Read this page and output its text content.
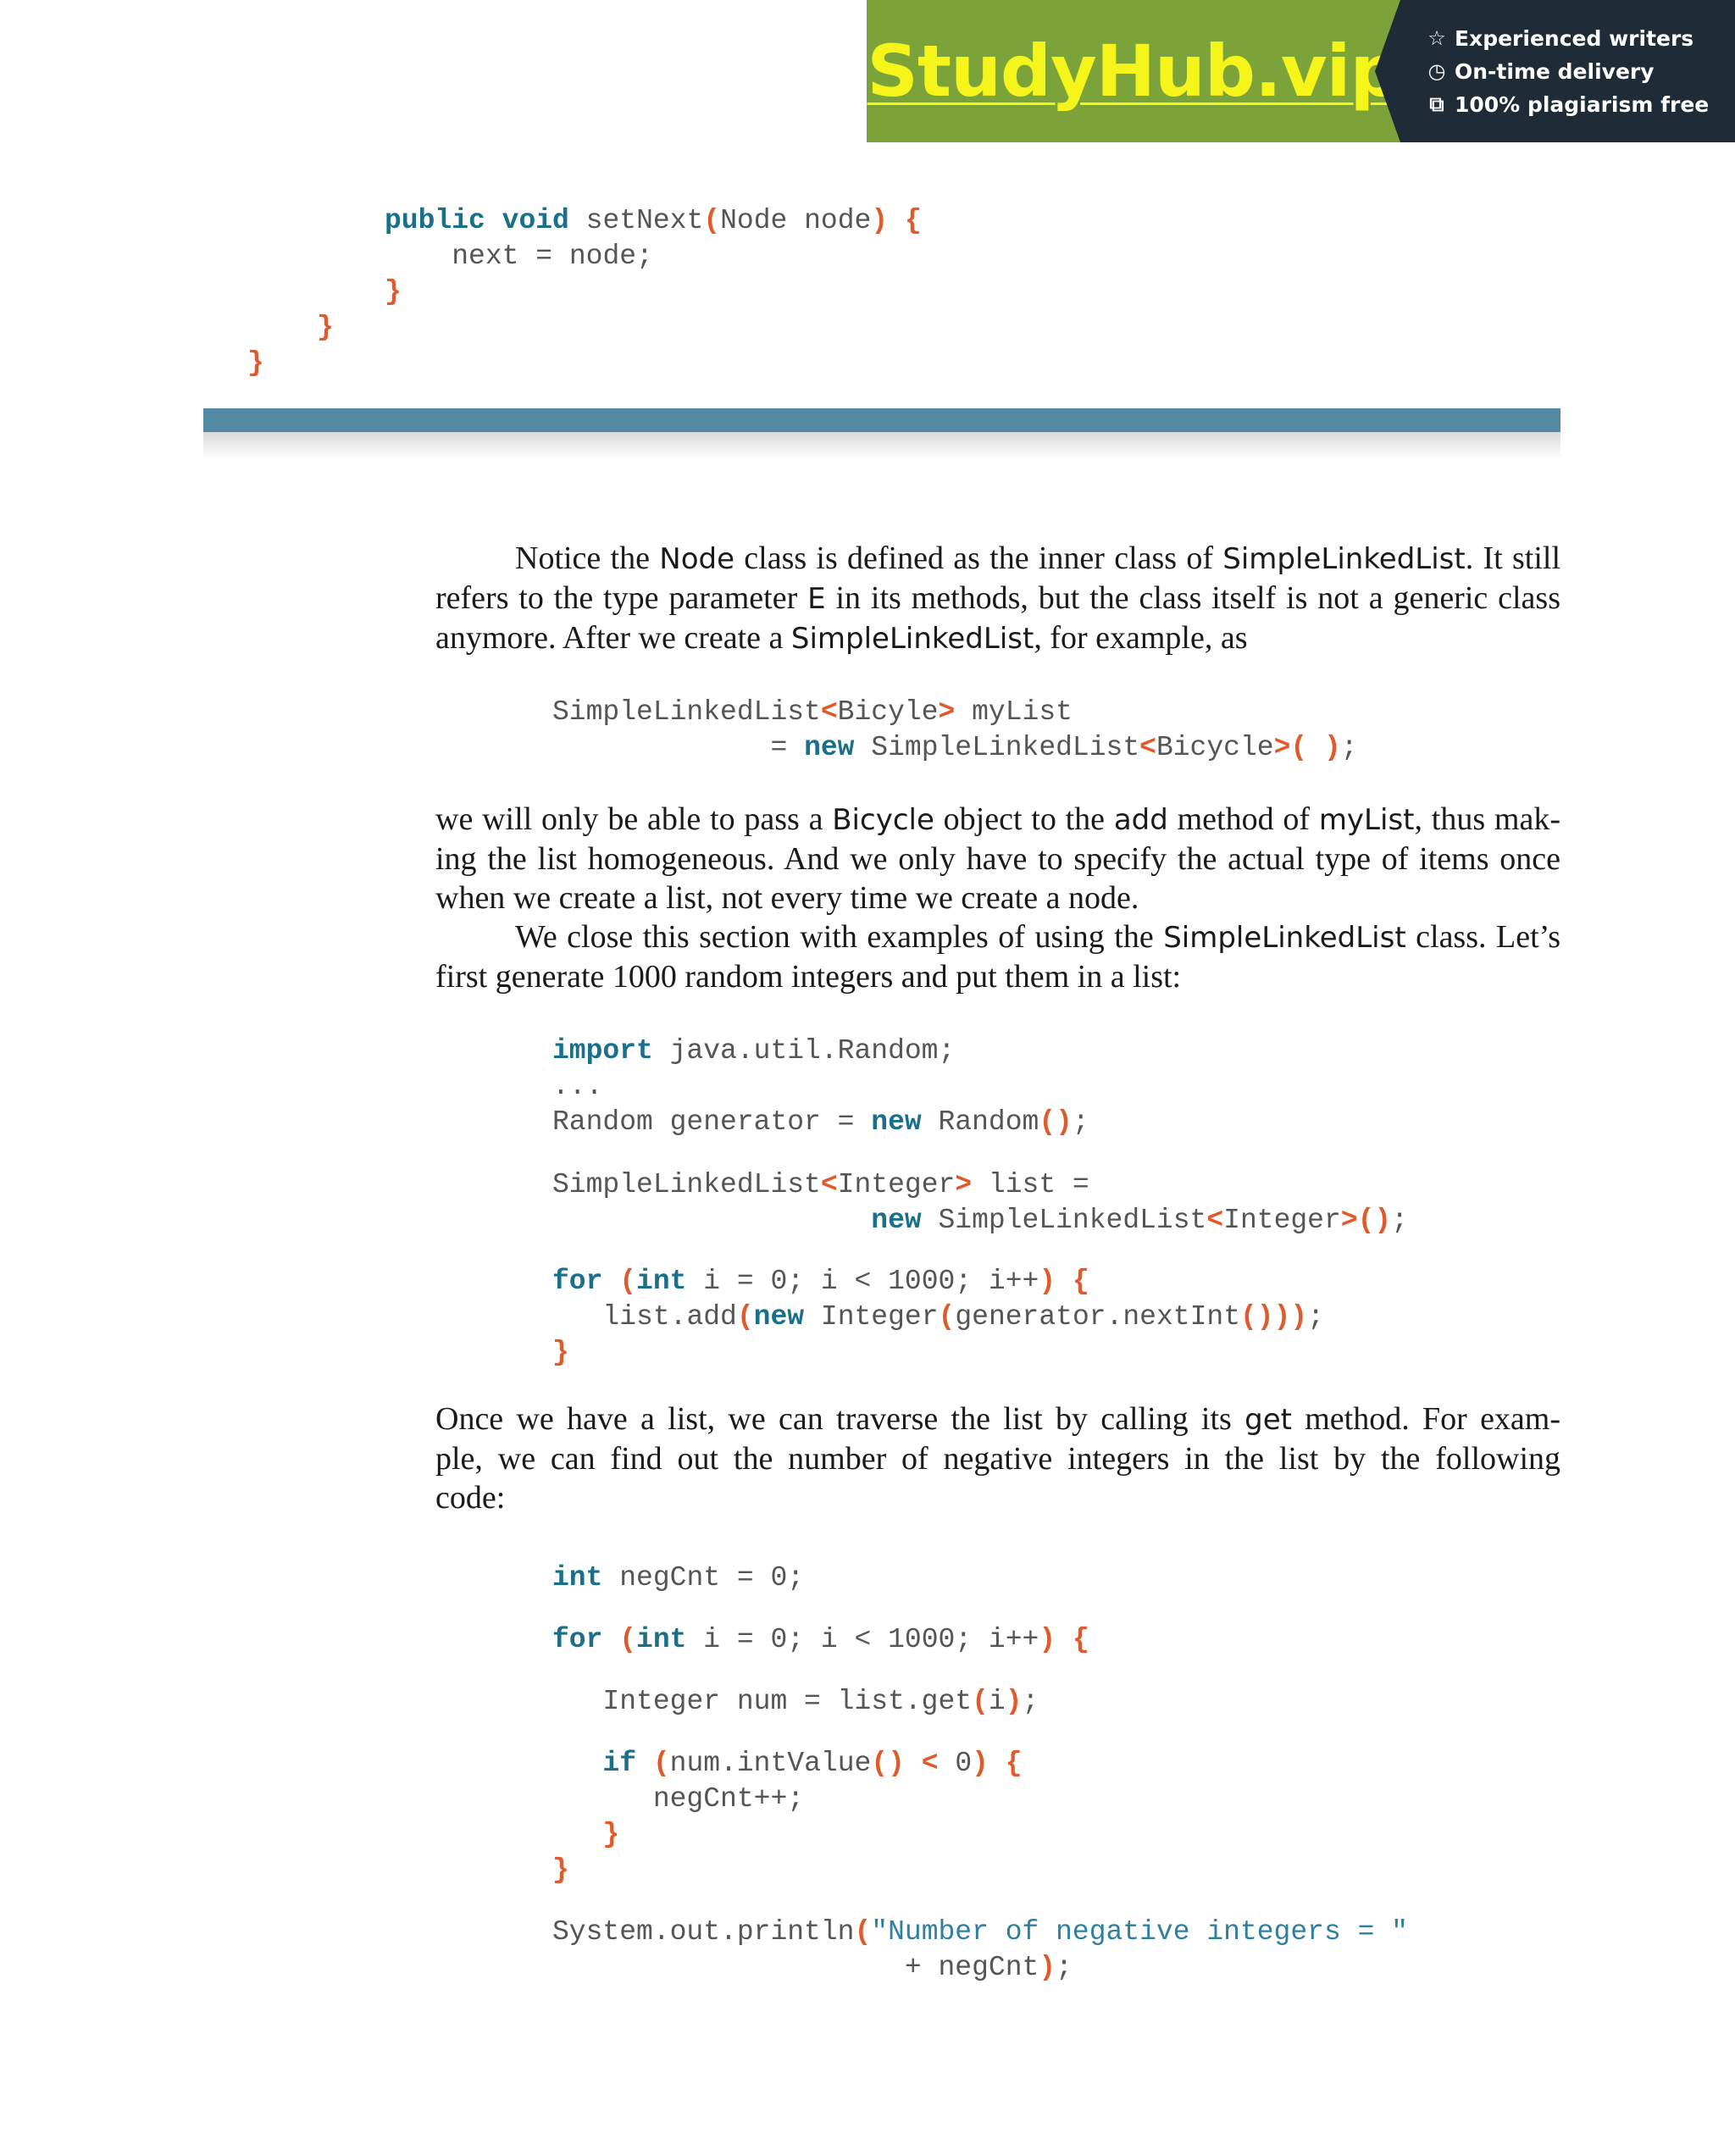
StudyHub.vip ☆ Experienced writers
◷ On-time delivery
⧉ 100% plagiarism free
public void setNext(Node node) {
next = node;
}
}
}
Notice the Node class is defined as the inner class of SimpleLinkedList. It still
refers to the type parameter E in its methods, but the class itself is not a generic class
anymore. After we create a SimpleLinkedList, for example, as
SimpleLinkedList<Bicyle> myList
= new SimpleLinkedList<Bicycle>( );
we will only be able to pass a Bicycle object to the add method of myList, thus mak-
ing the list homogeneous. And we only have to specify the actual type of items once
when we create a list, not every time we create a node.
We close this section with examples of using the SimpleLinkedList class. Let’s
first generate 1000 random integers and put them in a list:
import java.util.Random;
...
Random generator = new Random();
SimpleLinkedList<Integer> list =
new SimpleLinkedList<Integer>();
for (int i = 0; i < 1000; i++) {
list.add(new Integer(generator.nextInt()));
}
Once we have a list, we can traverse the list by calling its get method. For exam-
ple, we can find out the number of negative integers in the list by the following
code:
int negCnt = 0;
for (int i = 0; i < 1000; i++) {
Integer num = list.get(i);
if (num.intValue() < 0) {
negCnt++;
}
}
System.out.println("Number of negative integers = "
+ negCnt);
